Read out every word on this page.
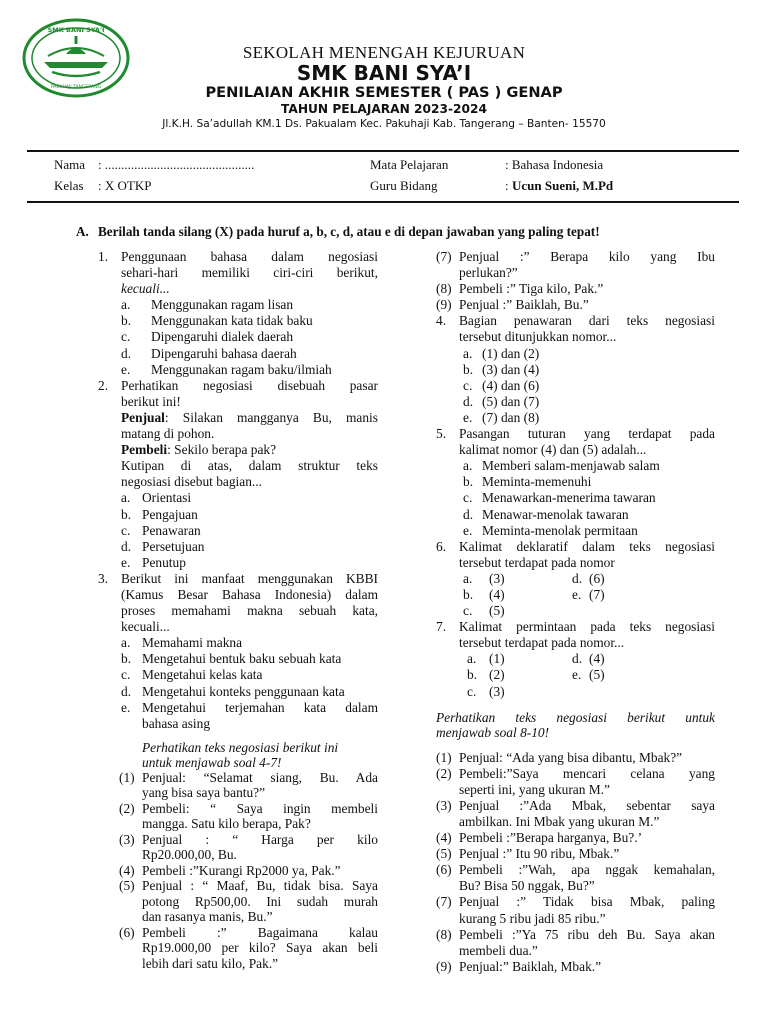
SMK BANI SYA'I
PAKUHAJI TANGERANG
SEKOLAH MENENGAH KEJURUAN
SMK BANI SYA’I
PENILAIAN AKHIR SEMESTER ( PAS ) GENAP
TAHUN PELAJARAN 2023-2024
Jl.K.H. Sa’adullah KM.1 Ds. Pakualam Kec. Pakuhaji Kab. Tangerang – Banten- 15570
Nama : ..............................................	Mata Pelajaran	: Bahasa Indonesia
Kelas : X OTKP	Guru Bidang	: Ucun Sueni, M.Pd
A. Berilah tanda silang (X) pada huruf a, b, c, d, atau e di depan jawaban yang paling tepat!
1. Penggunaan bahasa dalam negosiasi
sehari-hari memiliki ciri-ciri berikut,
kecuali...
a. Menggunakan ragam lisan
b. Menggunakan kata tidak baku
c. Dipengaruhi dialek daerah
d. Dipengaruhi bahasa daerah
e. Menggunakan ragam baku/ilmiah
2. Perhatikan negosiasi disebuah pasar
berikut ini!
Penjual: Silakan mangganya Bu, manis
matang di pohon.
Pembeli: Sekilo berapa pak?
Kutipan di atas, dalam struktur teks
negosiasi disebut bagian...
a. Orientasi
b. Pengajuan
c. Penawaran
d. Persetujuan
e. Penutup
3. Berikut ini manfaat menggunakan KBBI
(Kamus Besar Bahasa Indonesia) dalam
proses memahami makna sebuah kata,
kecuali...
a. Memahami makna
b. Mengetahui bentuk baku sebuah kata
c. Mengetahui kelas kata
d. Mengetahui konteks penggunaan kata
e. Mengetahui terjemahan kata dalam
bahasa asing
Perhatikan teks negosiasi berikut ini
untuk menjawab soal 4-7!
(1) Penjual: “Selamat siang, Bu. Ada
yang bisa saya bantu?”
(2) Pembeli: “ Saya ingin membeli
mangga. Satu kilo berapa, Pak?
(3) Penjual : “ Harga per kilo
Rp20.000,00, Bu.
(4) Pembeli :”Kurangi Rp2000 ya, Pak.”
(5) Penjual : “ Maaf, Bu, tidak bisa. Saya
potong Rp500,00. Ini sudah murah
dan rasanya manis, Bu.”
(6) Pembeli :” Bagaimana kalau
Rp19.000,00 per kilo? Saya akan beli
lebih dari satu kilo, Pak.”
(7) Penjual :” Berapa kilo yang Ibu
perlukan?”
(8) Pembeli :” Tiga kilo, Pak.”
(9) Penjual :” Baiklah, Bu.”
4. Bagian penawaran dari teks negosiasi
tersebut ditunjukkan nomor...
a. (1) dan (2)
b. (3) dan (4)
c. (4) dan (6)
d. (5) dan (7)
e. (7) dan (8)
5. Pasangan tuturan yang terdapat pada
kalimat nomor (4) dan (5) adalah...
a. Memberi salam-menjawab salam
b. Meminta-memenuhi
c. Menawarkan-menerima tawaran
d. Menawar-menolak tawaran
e. Meminta-menolak permitaan
6. Kalimat deklaratif dalam teks negosiasi
tersebut terdapat pada nomor
a. (3)	d. (6)
b. (4)	e. (7)
c. (5)
7. Kalimat permintaan pada teks negosiasi
tersebut terdapat pada nomor...
a. (1)	d. (4)
b. (2)	e. (5)
c. (3)
Perhatikan teks negosiasi berikut untuk
menjawab soal 8-10!
(1) Penjual: “Ada yang bisa dibantu, Mbak?”
(2) Pembeli:”Saya mencari celana yang
seperti ini, yang ukuran M.”
(3) Penjual :”Ada Mbak, sebentar saya
ambilkan. Ini Mbak yang ukuran M.”
(4) Pembeli :”Berapa harganya, Bu?.’
(5) Penjual :” Itu 90 ribu, Mbak.”
(6) Pembeli :”Wah, apa nggak kemahalan,
Bu? Bisa 50 nggak, Bu?”
(7) Penjual :” Tidak bisa Mbak, paling
kurang 5 ribu jadi 85 ribu.”
(8) Pembeli :”Ya 75 ribu deh Bu. Saya akan
membeli dua.”
(9) Penjual:” Baiklah, Mbak.”
